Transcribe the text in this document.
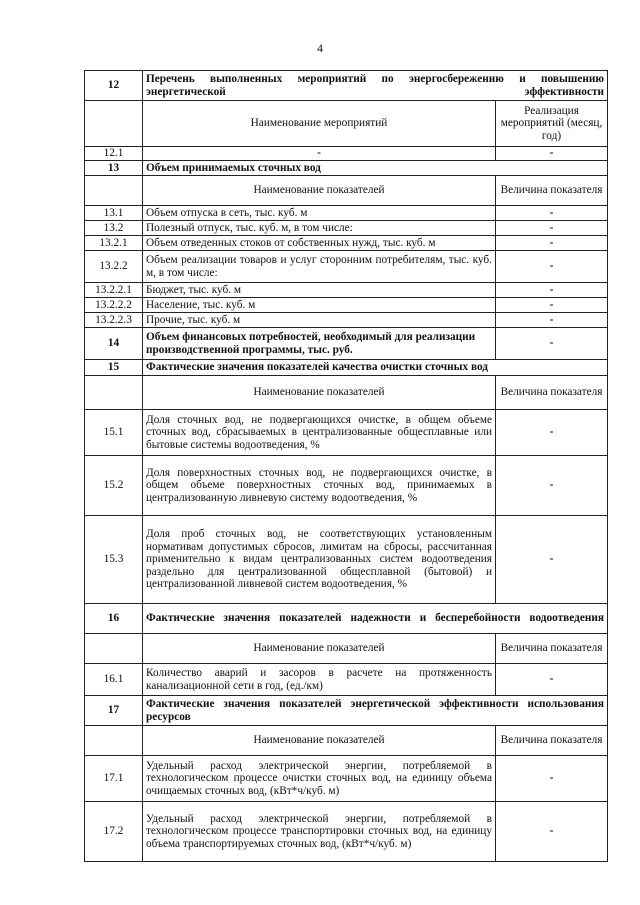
4
12	Перечень выполненных мероприятий по энергосбережению и повышению энергетической эффективности	
	Наименование мероприятий	Реализация мероприятий (месяц, год)
12.1	-	-
13	Объем принимаемых сточных вод	
	Наименование показателей	Величина показателя
13.1	Объем отпуска в сеть, тыс. куб. м	-
13.2	Полезный отпуск, тыс. куб. м, в том числе:	-
13.2.1	Объем отведенных стоков от собственных нужд, тыс. куб. м	-
13.2.2	Объем реализации товаров и услуг сторонним потребителям, тыс. куб. м, в том числе:	-
13.2.2.1	Бюджет, тыс. куб. м	-
13.2.2.2	Население, тыс. куб. м	-
13.2.2.3	Прочие, тыс. куб. м	-
14	Объем финансовых потребностей, необходимый для реализации производственной программы, тыс. руб.	-
15	Фактические значения показателей качества очистки сточных вод	
	Наименование показателей	Величина показателя
15.1	Доля сточных вод, не подвергающихся очистке, в общем объеме сточных вод, сбрасываемых в централизованные общесплавные или бытовые системы водоотведения, %	-
15.2	Доля поверхностных сточных вод, не подвергающихся очистке, в общем объеме поверхностных сточных вод, принимаемых в централизованную ливневую систему водоотведения, %	-
15.3	Доля проб сточных вод, не соответствующих установленным нормативам допустимых сбросов, лимитам на сбросы, рассчитанная применительно к видам централизованных систем водоотведения раздельно для централизованной общесплавной (бытовой) и централизованной ливневой систем водоотведения, %	-
16	Фактические значения показателей надежности и бесперебойности водоотведения	
	Наименование показателей	Величина показателя
16.1	Количество аварий и засоров в расчете на протяженность канализационной сети в год, (ед./км)	-
17	Фактические значения показателей энергетической эффективности использования ресурсов	
	Наименование показателей	Величина показателя
17.1	Удельный расход электрической энергии, потребляемой в технологическом процессе очистки сточных вод, на единицу объема очищаемых сточных вод, (кВт*ч/куб. м)	-
17.2	Удельный расход электрической энергии, потребляемой в технологическом процессе транспортировки сточных вод, на единицу объема транспортируемых сточных вод, (кВт*ч/куб. м)	-
